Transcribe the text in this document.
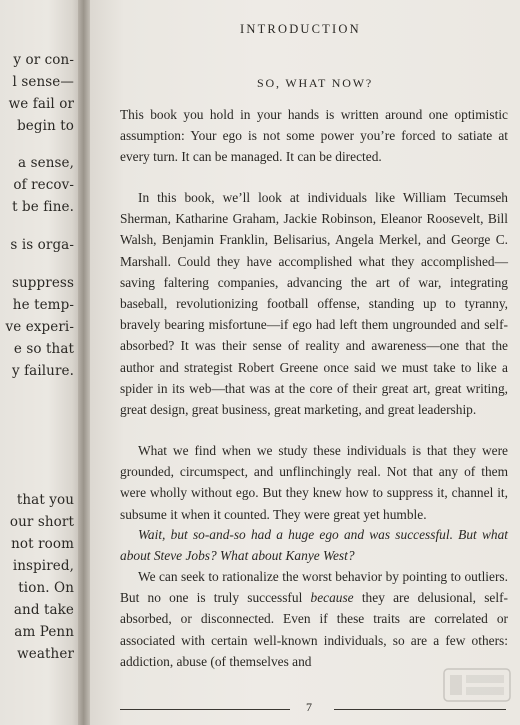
y or con-
l sense—
we fail or
begin to
a sense,
of recov-
t be fine.
s is orga-
suppress
he temp-
ve experi-
e so that
y failure.
that you
our short
not room
inspired,
tion. On
and take
am Penn
weather
INTRODUCTION
SO, WHAT NOW?
This book you hold in your hands is written around one optimistic assumption: Your ego is not some power you’re forced to satiate at every turn. It can be managed. It can be directed.
In this book, we’ll look at individuals like William Tecumseh Sherman, Katharine Graham, Jackie Robinson, Eleanor Roosevelt, Bill Walsh, Benjamin Franklin, Belisarius, Angela Merkel, and George C. Marshall. Could they have accomplished what they accomplished—saving faltering companies, advancing the art of war, integrating baseball, revolutionizing football offense, standing up to tyranny, bravely bearing misfortune—if ego had left them ungrounded and self-absorbed? It was their sense of reality and awareness—one that the author and strategist Robert Greene once said we must take to like a spider in its web—that was at the core of their great art, great writing, great design, great business, great marketing, and great leadership.
What we find when we study these individuals is that they were grounded, circumspect, and unflinchingly real. Not that any of them were wholly without ego. But they knew how to suppress it, channel it, subsume it when it counted. They were great yet humble.
Wait, but so-and-so had a huge ego and was successful. But what about Steve Jobs? What about Kanye West?
We can seek to rationalize the worst behavior by pointing to outliers. But no one is truly successful because they are delusional, self-absorbed, or disconnected. Even if these traits are correlated or associated with certain well-known individuals, so are a few others: addiction, abuse (of themselves and
7
